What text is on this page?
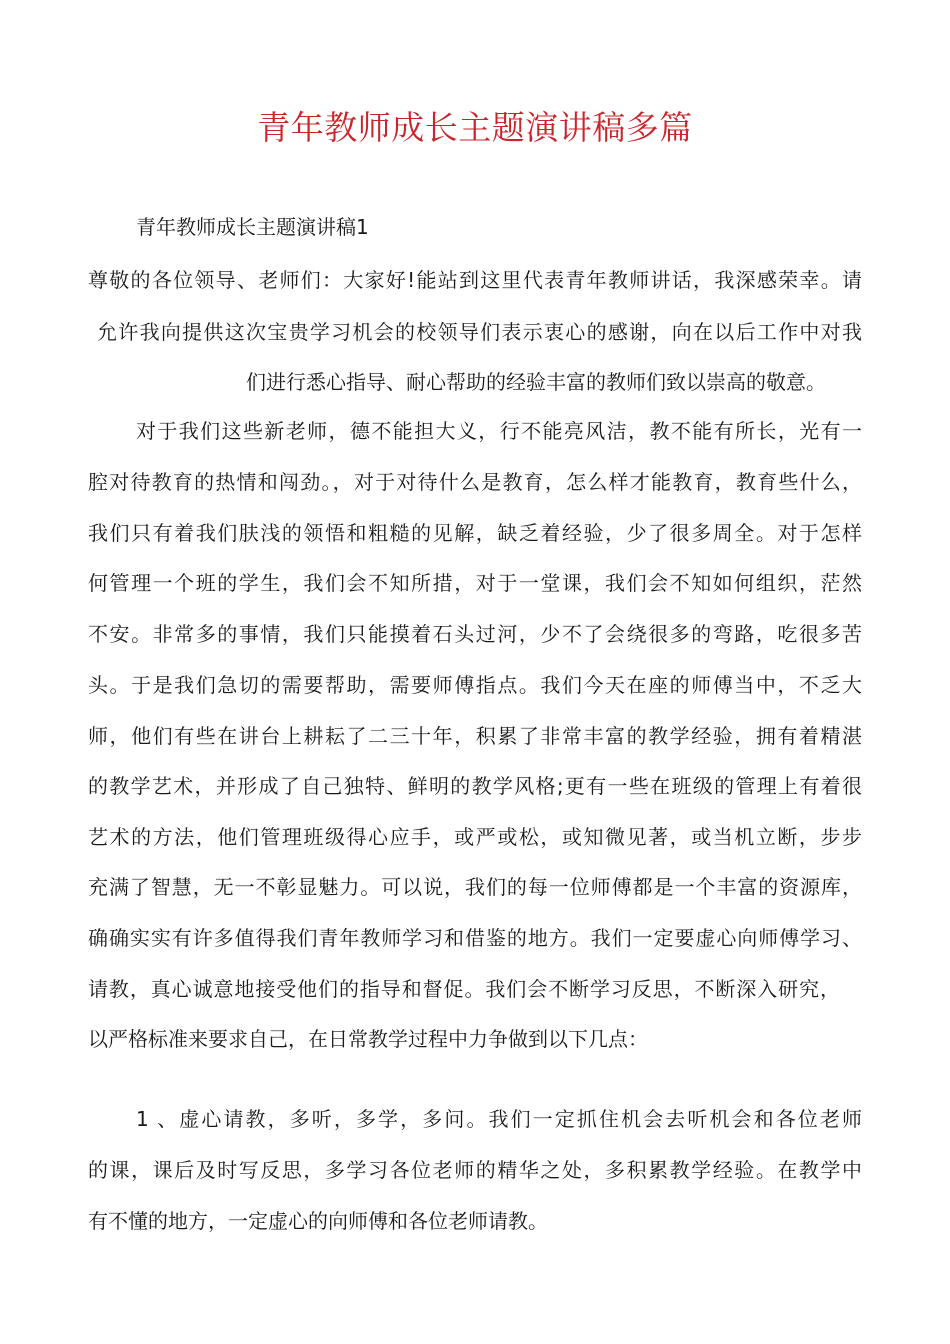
青年教师成长主题演讲稿多篇
青年教师成长主题演讲稿1
尊敬的各位领导、老师们：大家好!能站到这里代表青年教师讲话，我深感荣幸。请
允许我向提供这次宝贵学习机会的校领导们表示衷心的感谢，向在以后工作中对我
们进行悉心指导、耐心帮助的经验丰富的教师们致以崇高的敬意。
对于我们这些新老师，德不能担大义，行不能亮风洁，教不能有所长，光有一
腔对待教育的热情和闯劲。，对于对待什么是教育，怎么样才能教育，教育些什么，
我们只有着我们肤浅的领悟和粗糙的见解，缺乏着经验，少了很多周全。对于怎样
何管理一个班的学生，我们会不知所措，对于一堂课，我们会不知如何组织，茫然
不安。非常多的事情，我们只能摸着石头过河，少不了会绕很多的弯路，吃很多苦
头。于是我们急切的需要帮助，需要师傅指点。我们今天在座的师傅当中，不乏大
师，他们有些在讲台上耕耘了二三十年，积累了非常丰富的教学经验，拥有着精湛
的教学艺术，并形成了自己独特、鲜明的教学风格;更有一些在班级的管理上有着很
艺术的方法，他们管理班级得心应手，或严或松，或知微见著，或当机立断，步步
充满了智慧，无一不彰显魅力。可以说，我们的每一位师傅都是一个丰富的资源库，
确确实实有许多值得我们青年教师学习和借鉴的地方。我们一定要虚心向师傅学习、
请教，真心诚意地接受他们的指导和督促。我们会不断学习反思，不断深入研究，
以严格标准来要求自己，在日常教学过程中力争做到以下几点：
1 、虚心请教，多听，多学，多问。我们一定抓住机会去听机会和各位老师
的课，课后及时写反思，多学习各位老师的精华之处，多积累教学经验。在教学中
有不懂的地方，一定虚心的向师傅和各位老师请教。
